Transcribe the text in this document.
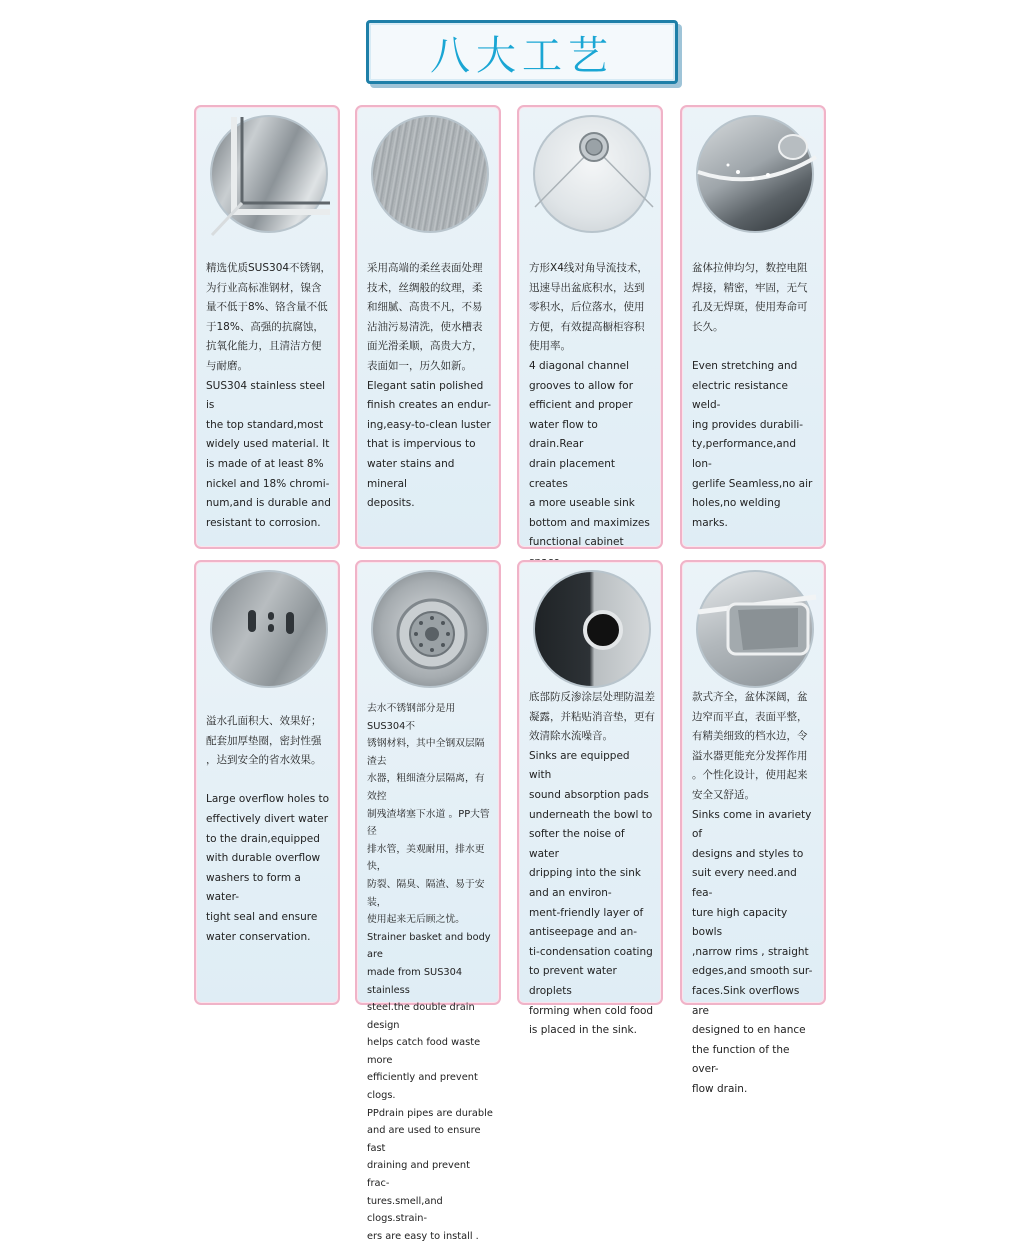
八大工艺
精选优质SUS304不锈钢，
为行业高标准钢材，镍含
量不低于8%、铬含量不低
于18%、高强的抗腐蚀，
抗氧化能力，且清洁方便
与耐磨。
SUS304 stainless steel is
the top standard,most
widely used material. It
is made of at least 8%
nickel and 18% chromi-
num,and is durable and
resistant to corrosion.
采用高端的柔丝表面处理
技术，丝绸般的纹理，柔
和细腻、高贵不凡，不易
沾油污易清洗，使水槽表
面光滑柔顺，高贵大方，
表面如一，历久如新。
Elegant satin polished
finish creates an endur-
ing,easy-to-clean luster
that is impervious to
water stains and mineral
deposits.
方形X4线对角导流技术，
迅速导出盆底积水，达到
零积水，后位落水，使用
方便，有效提高橱柜容积
使用率。
4 diagonal channel
grooves to allow for
efficient and proper
water flow to drain.Rear
drain placement creates
a more useable sink
bottom and maximizes
functional cabinet

盆体拉伸均匀，数控电阻
焊接，精密，牢固，无气
孔及无焊斑，使用寿命可
长久。

Even stretching and
electric resistance weld-
ing provides durabili-
ty,performance,and lon-
gerlife Seamless,no air
holes,no welding marks.
溢水孔面积大、效果好；
配套加厚垫圈，密封性强
，达到安全的省水效果。

Large overflow holes to
effectively divert water
to the drain,equipped
with durable overflow
washers to form a water-
tight seal and ensure
water conservation.
去水不锈钢部分是用SUS304不
锈钢材料，其中全钢双层隔渣去
水器，粗细渣分层隔离，有效控
制残渣堵塞下水道 。PP大管径
排水管，美观耐用，排水更快，
防裂、隔臭、隔渣、易于安装，
使用起来无后顾之忧。
Strainer basket and body are
made from SUS304 stainless
steel.the double drain design
helps catch food waste more
efficiently and prevent clogs.
PPdrain pipes are durable
and are used to ensure fast
draining and prevent frac-
tures.smell,and clogs.strain-
ers are easy to install .
底部防反渗涂层处理防温差
凝露，并粘贴消音垫，更有
效清除水流噪音。
Sinks are equipped with
sound absorption pads
underneath the bowl to
softer the noise of water
dripping into the sink
and an environ-
ment-friendly layer of
antiseepage and an-
ti-condensation coating
to prevent water droplets
forming when cold food
is placed in the sink.
款式齐全，盆体深阔，盆
边窄而平直，表面平整，
有精美细致的档水边，令
溢水器更能充分发挥作用
。个性化设计，使用起来
安全又舒适。
Sinks come in avariety of
designs and styles to
suit every need.and fea-
ture high capacity bowls
,narrow rims , straight
edges,and smooth sur-
faces.Sink overflows are
designed to en hance
the function of the over-
flow drain.
